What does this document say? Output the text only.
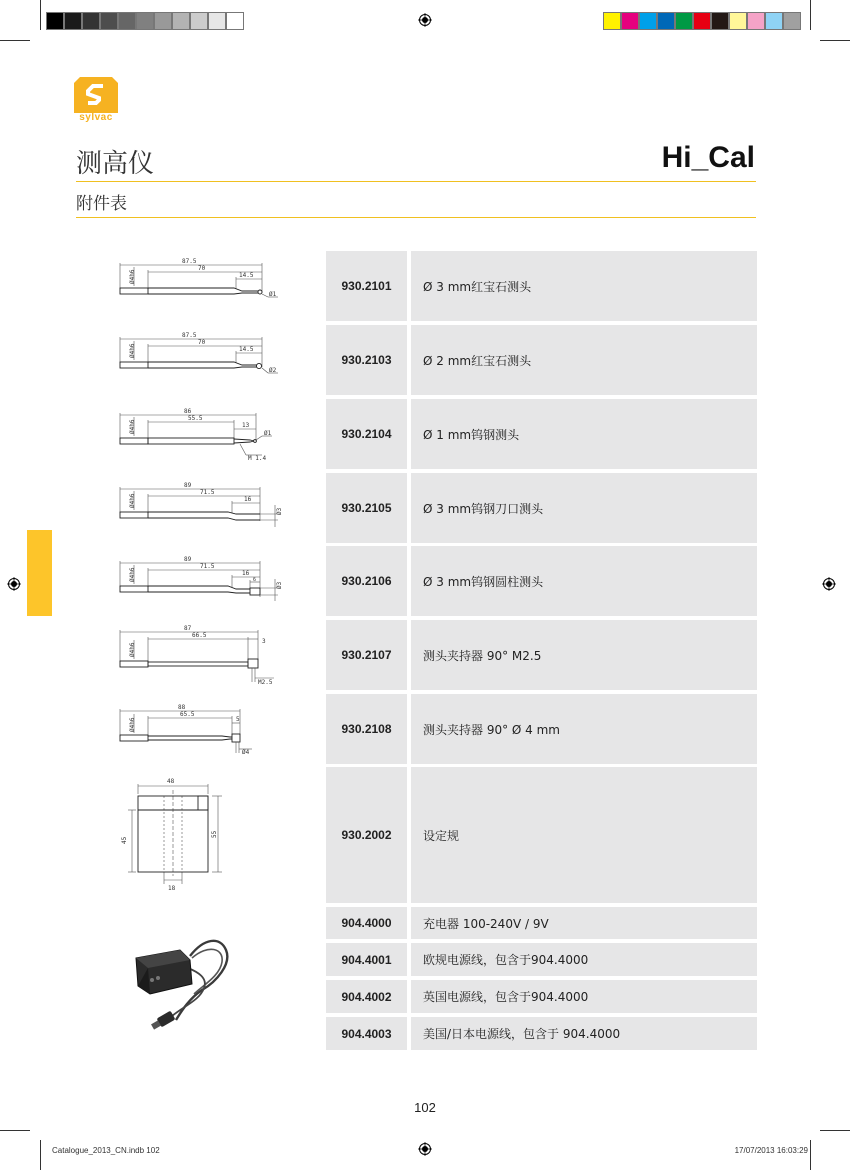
sylvac
测高仪	Hi_Cal
附件表
930.2101	Ø 3 mm红宝石测头
930.2103	Ø 2 mm红宝石测头
930.2104	Ø 1 mm钨钢测头
930.2105	Ø 3 mm钨钢刀口测头
930.2106	Ø 3 mm钨钢圆柱测头
930.2107	测头夹持器 90° M2.5
930.2108	测头夹持器 90° Ø 4 mm
930.2002	设定规
904.4000	充电器 100-240V / 9V
904.4001	欧规电源线，包含于904.4000
904.4002	英国电源线，包含于904.4000
904.4003	美国/日本电源线，包含于 904.4000
87.5
70
14.5
Ø1
Ø4h6
87.5
70
14.5
Ø2
Ø4h6
86
55.5
13
Ø1
M 1.4
Ø4h6
89
71.5
16
Ø3
Ø4h6
89
71.5
16
6
Ø3
Ø4h6
87
66.5
3
M2.5
Ø4h6
88
65.5
5
Ø4
Ø4h6
48
55
45
18
102
Catalogue_2013_CN.indb 102	17/07/2013 16:03:29
